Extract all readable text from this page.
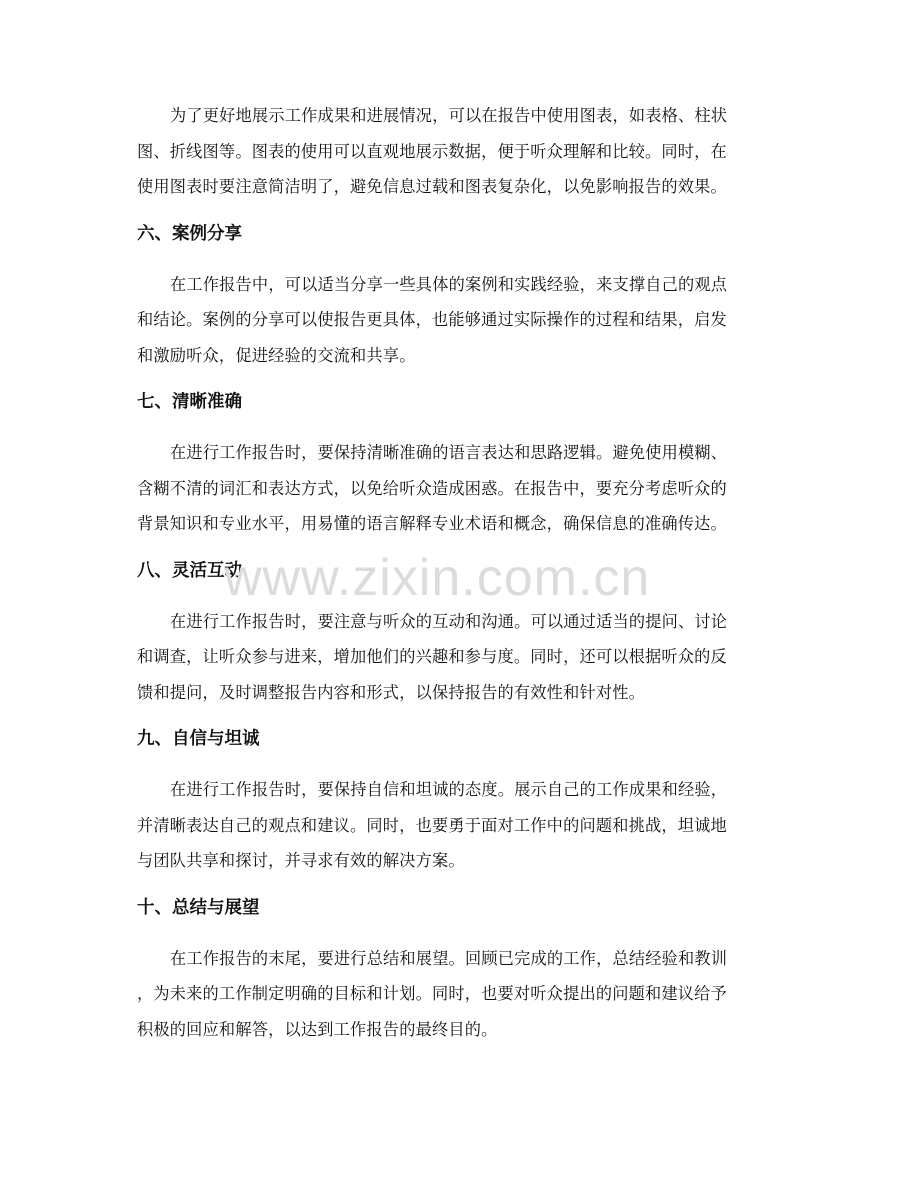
为了更好地展示工作成果和进展情况，可以在报告中使用图表，如表格、柱状
图、折线图等。图表的使用可以直观地展示数据，便于听众理解和比较。同时，在
使用图表时要注意简洁明了，避免信息过载和图表复杂化，以免影响报告的效果。

六、案例分享

在工作报告中，可以适当分享一些具体的案例和实践经验，来支撑自己的观点
和结论。案例的分享可以使报告更具体，也能够通过实际操作的过程和结果，启发
和激励听众，促进经验的交流和共享。

七、清晰准确

在进行工作报告时，要保持清晰准确的语言表达和思路逻辑。避免使用模糊、
含糊不清的词汇和表达方式，以免给听众造成困惑。在报告中，要充分考虑听众的
背景知识和专业水平，用易懂的语言解释专业术语和概念，确保信息的准确传达。

八、灵活互动

在进行工作报告时，要注意与听众的互动和沟通。可以通过适当的提问、讨论
和调查，让听众参与进来，增加他们的兴趣和参与度。同时，还可以根据听众的反
馈和提问，及时调整报告内容和形式，以保持报告的有效性和针对性。

九、自信与坦诚

在进行工作报告时，要保持自信和坦诚的态度。展示自己的工作成果和经验，
并清晰表达自己的观点和建议。同时，也要勇于面对工作中的问题和挑战，坦诚地
与团队共享和探讨，并寻求有效的解决方案。

十、总结与展望

在工作报告的末尾，要进行总结和展望。回顾已完成的工作，总结经验和教训
，为未来的工作制定明确的目标和计划。同时，也要对听众提出的问题和建议给予
积极的回应和解答，以达到工作报告的最终目的。

www.zixin.com.cn
